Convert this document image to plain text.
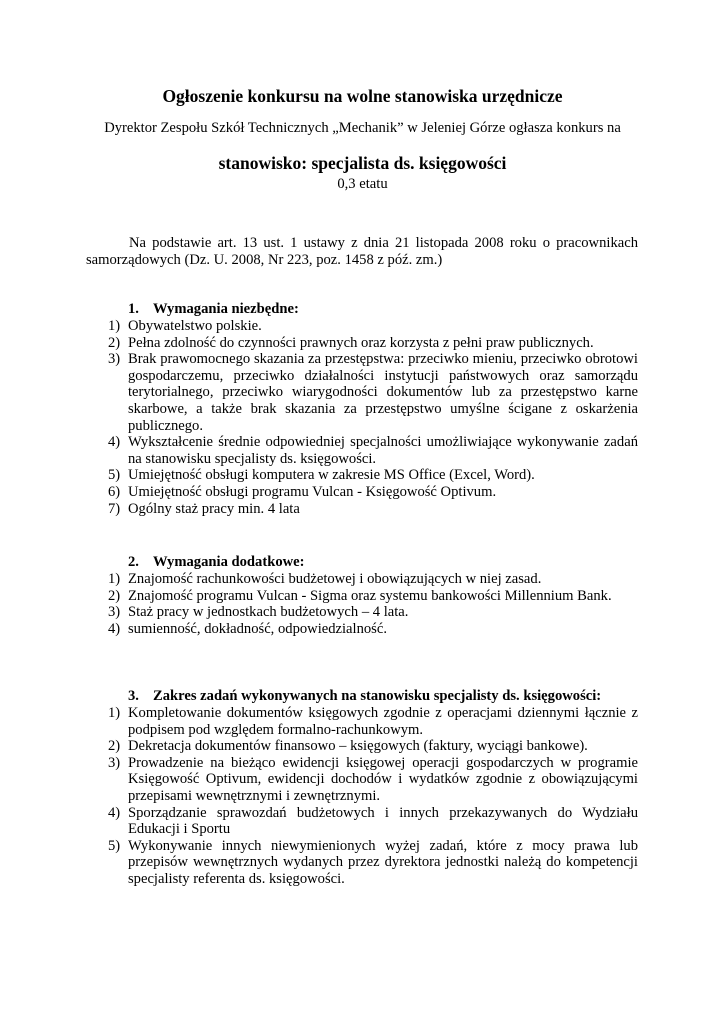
Ogłoszenie konkursu na wolne stanowiska urzędnicze
Dyrektor Zespołu Szkół Technicznych „Mechanik” w Jeleniej Górze ogłasza konkurs na
stanowisko: specjalista ds. księgowości
0,3 etatu
Na podstawie art. 13 ust. 1 ustawy z dnia 21 listopada 2008 roku o pracownikach samorządowych (Dz. U. 2008, Nr 223, poz. 1458 z póź. zm.)
1. Wymagania niezbędne:
1) Obywatelstwo polskie.
2) Pełna zdolność do czynności prawnych oraz korzysta z pełni praw publicznych.
3) Brak prawomocnego skazania za przestępstwa: przeciwko mieniu, przeciwko obrotowi gospodarczemu, przeciwko działalności instytucji państwowych oraz samorządu terytorialnego, przeciwko wiarygodności dokumentów lub za przestępstwo karne skarbowe, a także brak skazania za przestępstwo umyślne ścigane z oskarżenia publicznego.
4) Wykształcenie średnie odpowiedniej specjalności umożliwiające wykonywanie zadań na stanowisku specjalisty ds. księgowości.
5) Umiejętność obsługi komputera w zakresie MS Office (Excel, Word).
6) Umiejętność obsługi programu Vulcan - Księgowość Optivum.
7) Ogólny staż pracy min. 4 lata
2. Wymagania dodatkowe:
1) Znajomość rachunkowości budżetowej i obowiązujących w niej zasad.
2) Znajomość programu Vulcan - Sigma oraz systemu bankowości Millennium Bank.
3) Staż pracy w jednostkach budżetowych – 4 lata.
4) sumienność, dokładność, odpowiedzialność.
3. Zakres zadań wykonywanych na stanowisku specjalisty ds. księgowości:
1) Kompletowanie dokumentów księgowych zgodnie z operacjami dziennymi łącznie z podpisem pod względem formalno-rachunkowym.
2) Dekretacja dokumentów finansowo – księgowych (faktury, wyciągi bankowe).
3) Prowadzenie na bieżąco ewidencji księgowej operacji gospodarczych w programie Księgowość Optivum, ewidencji dochodów i wydatków zgodnie z obowiązującymi przepisami wewnętrznymi i zewnętrznymi.
4) Sporządzanie sprawozdań budżetowych i innych przekazywanych do Wydziału Edukacji i Sportu
5) Wykonywanie innych niewymienionych wyżej zadań, które z mocy prawa lub przepisów wewnętrznych wydanych przez dyrektora jednostki należą do kompetencji specjalisty referenta ds. księgowości.
